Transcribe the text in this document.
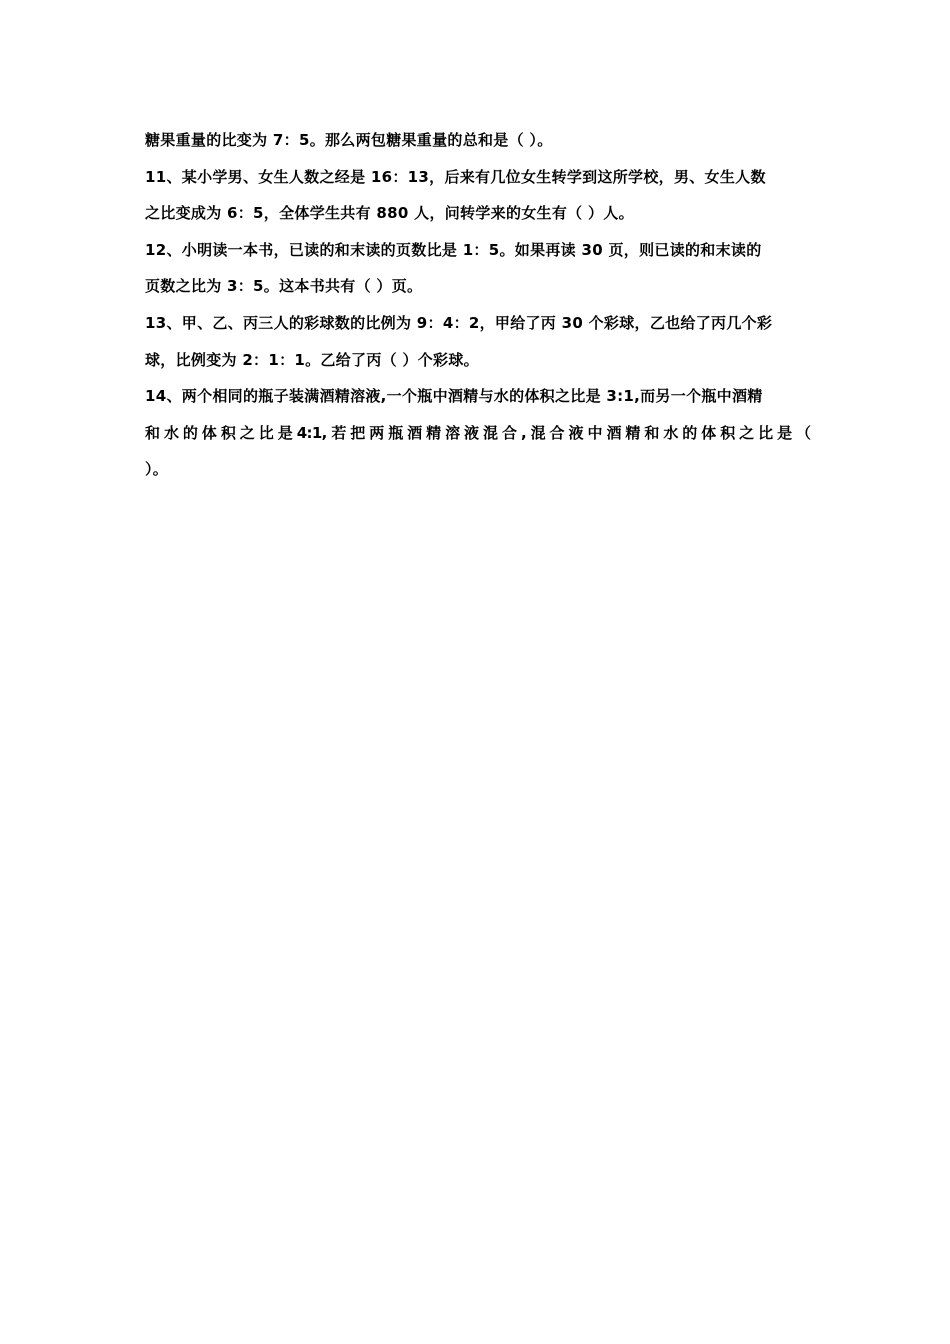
糖果重量的比变为 7：5。那么两包糖果重量的总和是（ ）。
11、某小学男、女生人数之经是 16：13，后来有几位女生转学到这所学校，男、女生人数
之比变成为 6：5，全体学生共有 880 人，问转学来的女生有（ ）人。
12、小明读一本书，已读的和末读的页数比是 1：5。如果再读 30 页，则已读的和末读的
页数之比为 3：5。这本书共有（ ）页。
13、甲、乙、丙三人的彩球数的比例为 9：4：2，甲给了丙 30 个彩球，乙也给了丙几个彩
球，比例变为 2：1：1。乙给了丙（ ）个彩球。
14、两个相同的瓶子装满酒精溶液,一个瓶中酒精与水的体积之比是 3:1,而另一个瓶中酒精
和 水 的 体 积 之 比 是 4:1, 若 把 两 瓶 酒 精 溶 液 混 合 , 混 合 液 中 酒 精 和 水 的 体 积 之 比 是 （
）。
